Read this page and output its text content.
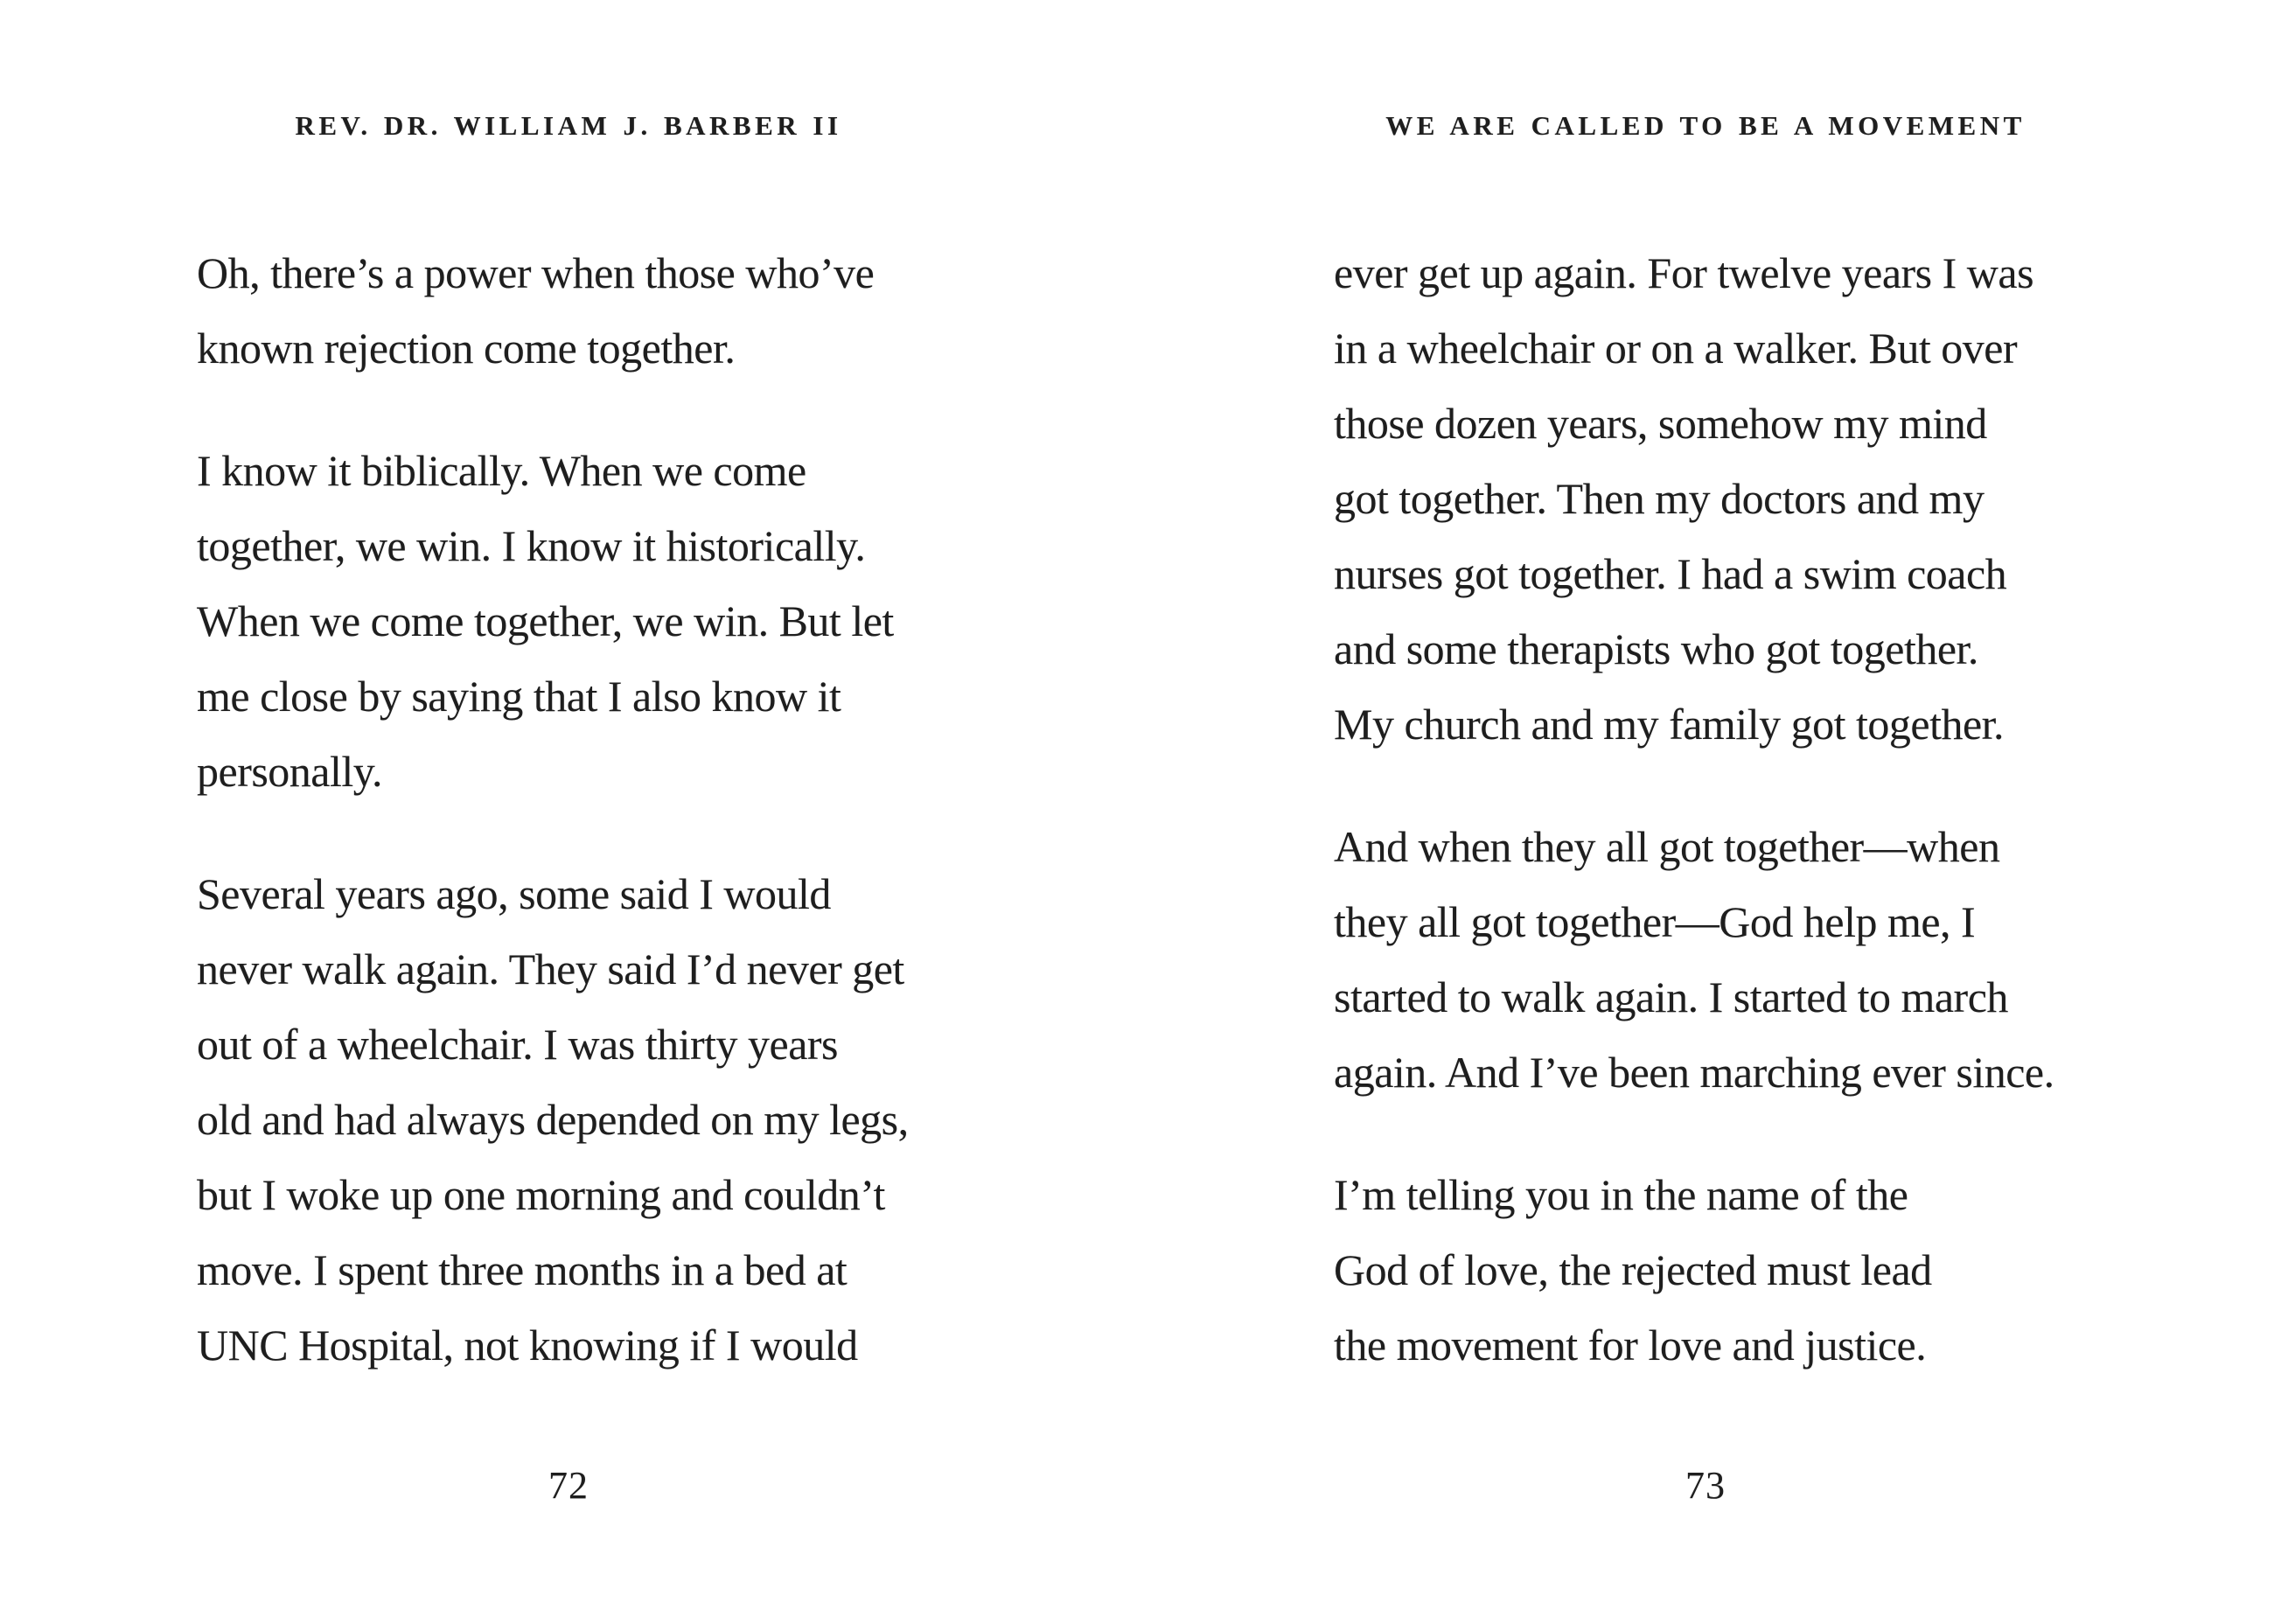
REV. DR. WILLIAM J. BARBER II

Oh, there’s a power when those who’ve
known rejection come together.

I know it biblically. When we come
together, we win. I know it historically.
When we come together, we win. But let
me close by saying that I also know it
personally.

Several years ago, some said I would
never walk again. They said I’d never get
out of a wheelchair. I was thirty years
old and had always depended on my legs,
but I woke up one morning and couldn’t
move. I spent three months in a bed at
UNC Hospital, not knowing if I would

72
WE ARE CALLED TO BE A MOVEMENT

ever get up again. For twelve years I was
in a wheelchair or on a walker. But over
those dozen years, somehow my mind
got together. Then my doctors and my
nurses got together. I had a swim coach
and some therapists who got together.
My church and my family got together.

And when they all got together—when
they all got together—God help me, I
started to walk again. I started to march
again. And I’ve been marching ever since.

I’m telling you in the name of the
God of love, the rejected must lead
the movement for love and justice.

73
